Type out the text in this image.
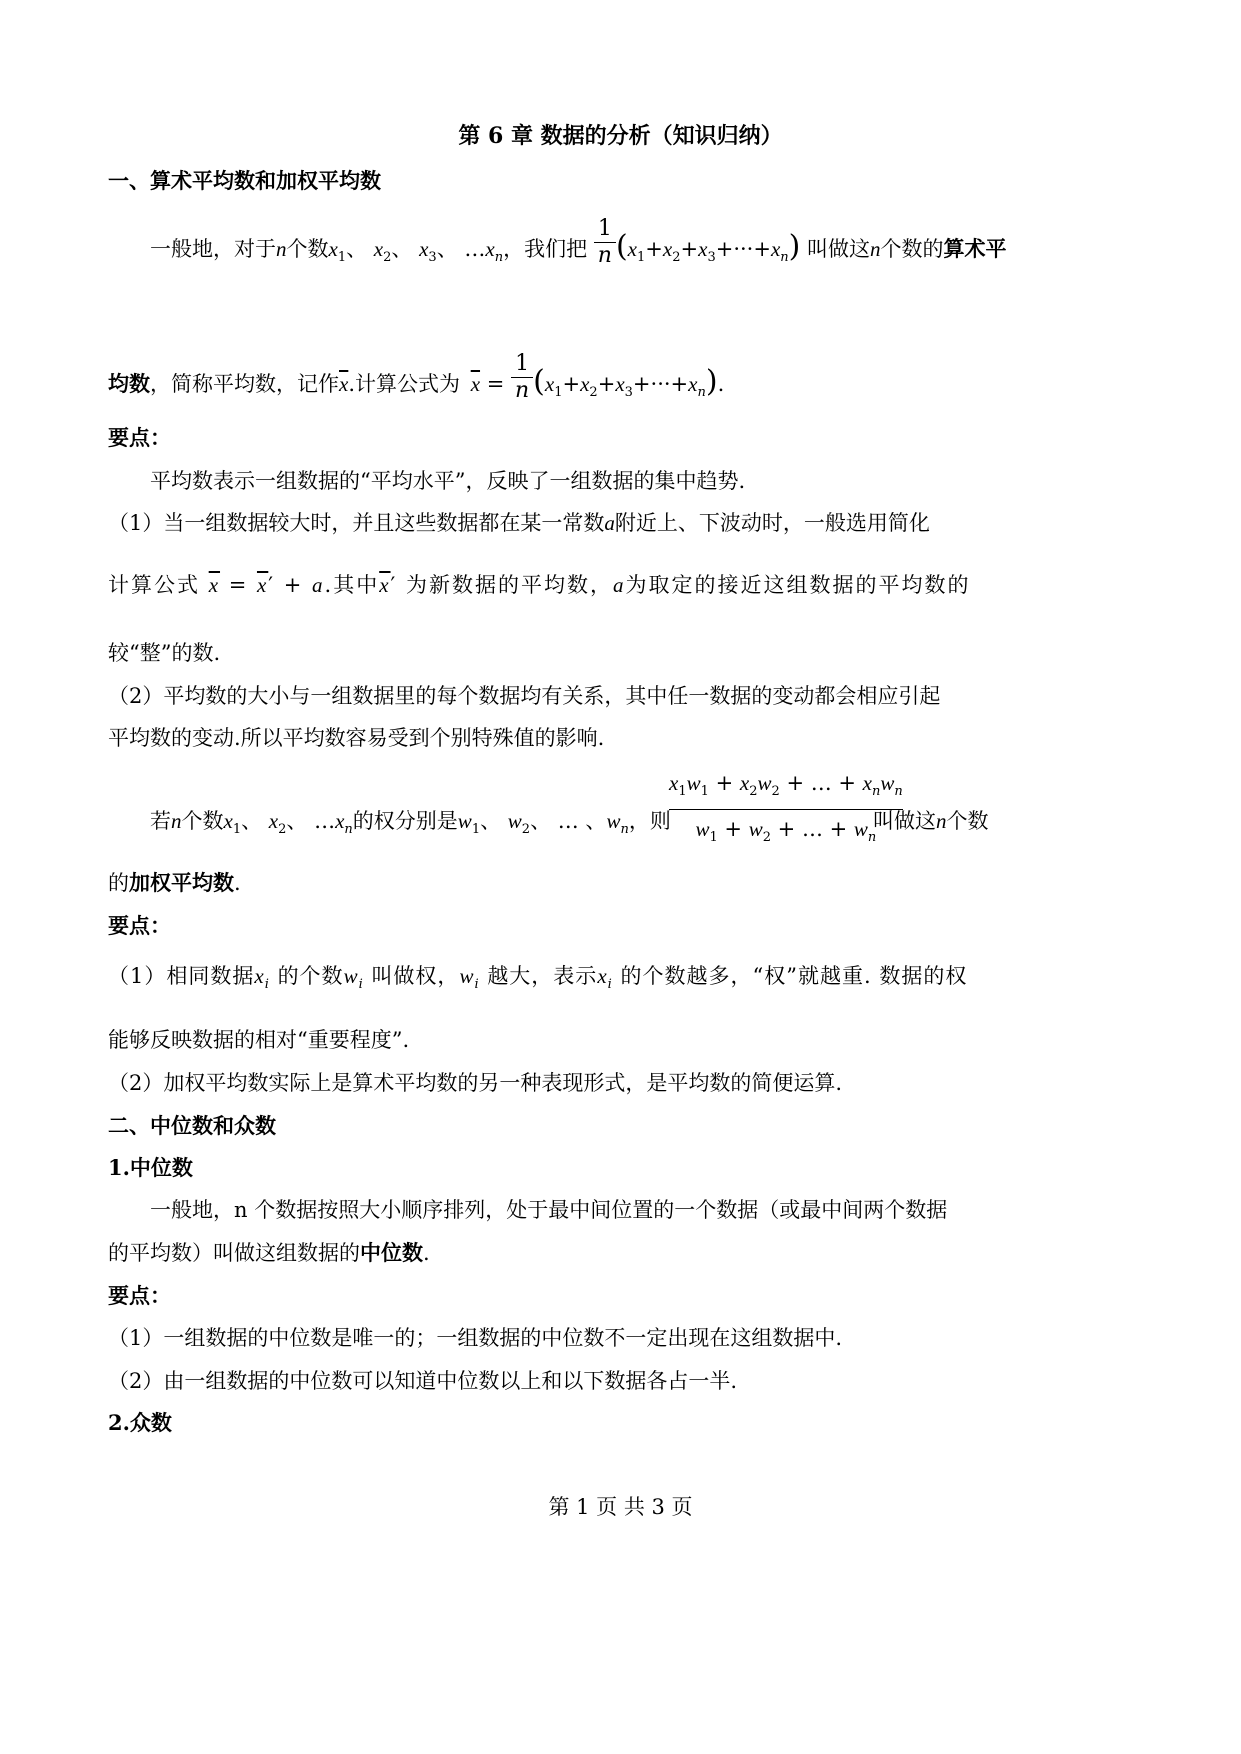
第 6 章 数据的分析（知识归纳）
一、算术平均数和加权平均数
一般地，对于n个数$x_1$、 $x_2$、 $x_3$、 $\dots x_n$，我们把 $\frac{1}{n} (x_1+x_2+x_3+\cdot\cdot\cdot+x_n)$ 叫做这n个数的算术平
均数，简称平均数，记作$\overline{x}$.计算公式为 $\overline{x} = \frac{1}{n} (x_1+x_2+x_3+\cdot\cdot\cdot+x_n)$.
要点：
平均数表示一组数据的“平均水平”，反映了一组数据的集中趋势.
（1）当一组数据较大时，并且这些数据都在某一常数a附近上、下波动时，一般选用简化
计算公式 $\overline{x} = \overline{x}' + a$.其中$\overline{x}'$ 为新数据的平均数，a为取定的接近这组数据的平均数的
较“整”的数.
（2）平均数的大小与一组数据里的每个数据均有关系，其中任一数据的变动都会相应引起
平均数的变动.所以平均数容易受到个别特殊值的影响.
若n个数$x_1$、 $x_2$、 $\dots x_n$的权分别是$w_1$、 $w_2$、 … 、$w_n$，则
$\frac{x_1w_1 + x_2w_2 + \dots + x_nw_n}{w_1 + w_2 + \dots + w_n}$
叫做这n个数
的加权平均数.
要点：
（1）相同数据$x_i$ 的个数$w_i$ 叫做权，$w_i$ 越大，表示$x_i$ 的个数越多，“权”就越重. 数据的权
能够反映数据的相对“重要程度”.
（2）加权平均数实际上是算术平均数的另一种表现形式，是平均数的简便运算.
二、中位数和众数
1.中位数
一般地，n 个数据按照大小顺序排列，处于最中间位置的一个数据（或最中间两个数据
的平均数）叫做这组数据的中位数.
要点：
（1）一组数据的中位数是唯一的；一组数据的中位数不一定出现在这组数据中.
（2）由一组数据的中位数可以知道中位数以上和以下数据各占一半.
2.众数
第 1 页 共 3 页
